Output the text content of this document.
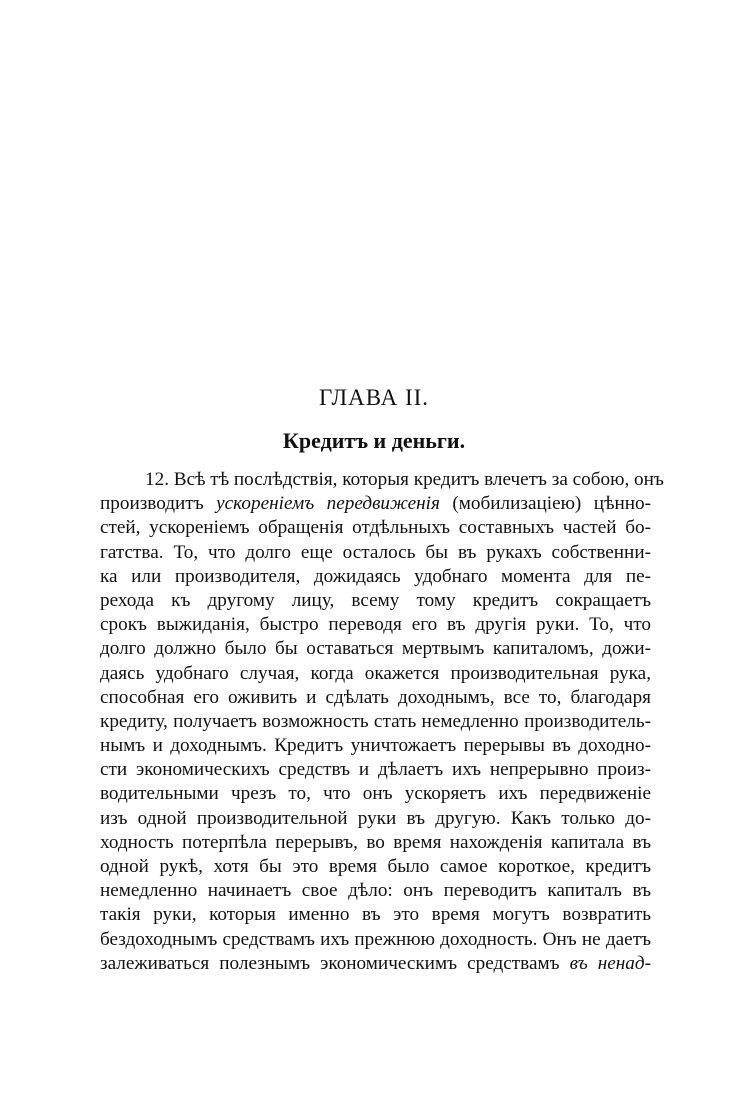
ГЛАВА II.
Кредитъ и деньги.
12. Всѣ тѣ послѣдствія, которыя кредитъ влечетъ за собою, онъ
производитъ ускореніемъ передвиженія (мобилизаціею) цѣнно-
стей, ускореніемъ обращенія отдѣльныхъ составныхъ частей бо-
гатства. То, что долго еще осталось бы въ рукахъ собственни-
ка или производителя, дожидаясь удобнаго момента для пе-
рехода къ другому лицу, всему тому кредитъ сокращаетъ
срокъ выжиданія, быстро переводя его въ другія руки. То, что
долго должно было бы оставаться мертвымъ капиталомъ, дожи-
даясь удобнаго случая, когда окажется производительная рука,
способная его оживить и сдѣлать доходнымъ, все то, благодаря
кредиту, получаетъ возможность стать немедленно производитель-
нымъ и доходнымъ. Кредитъ уничтожаетъ перерывы въ доходно-
сти экономическихъ средствъ и дѣлаетъ ихъ непрерывно произ-
водительными чрезъ то, что онъ ускоряетъ ихъ передвиженіе
изъ одной производительной руки въ другую. Какъ только до-
ходность потерпѣла перерывъ, во время нахожденія капитала въ
одной рукѣ, хотя бы это время было самое короткое, кредитъ
немедленно начинаетъ свое дѣло: онъ переводитъ капиталъ въ
такія руки, которыя именно въ это время могутъ возвратить
бездоходнымъ средствамъ ихъ прежнюю доходность. Онъ не даетъ
залеживаться полезнымъ экономическимъ средствамъ въ ненад-
